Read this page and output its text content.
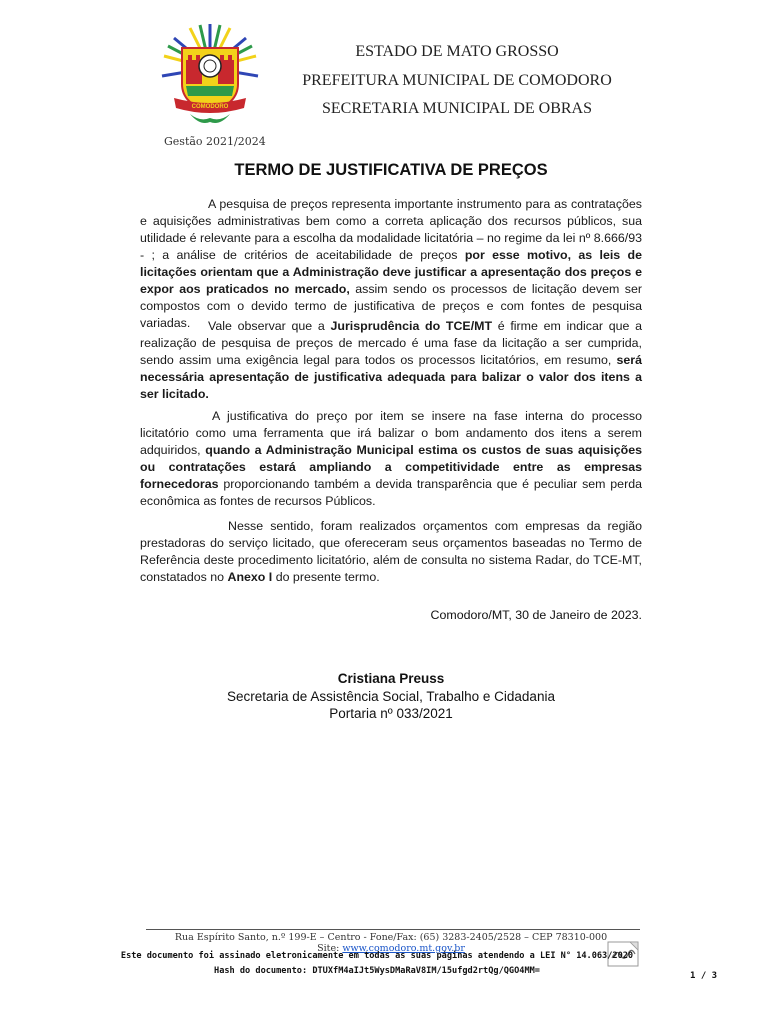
COMODORO
ESTADO DE MATO GROSSO
PREFEITURA MUNICIPAL DE COMODORO
SECRETARIA MUNICIPAL DE OBRAS
Gestão 2021/2024
TERMO DE JUSTIFICATIVA DE PREÇOS
A pesquisa de preços representa importante instrumento para as contratações e aquisições administrativas bem como a correta aplicação dos recursos públicos, sua utilidade é relevante para a escolha da modalidade licitatória – no regime da lei nº 8.666/93 - ; a análise de critérios de aceitabilidade de preços por esse motivo, as leis de licitações orientam que a Administração deve justificar a apresentação dos preços e expor aos praticados no mercado, assim sendo os processos de licitação devem ser compostos com o devido termo de justificativa de preços e com fontes de pesquisa variadas.	Vale observar que a Jurisprudência do TCE/MT é firme em indicar que a realização de pesquisa de preços de mercado é uma fase da licitação a ser cumprida, sendo assim uma exigência legal para todos os processos licitatórios, em resumo, será necessária apresentação de justificativa adequada para balizar o valor dos itens a ser licitado.
A justificativa do preço por item se insere na fase interna do processo licitatório como uma ferramenta que irá balizar o bom andamento dos itens a serem adquiridos, quando a Administração Municipal estima os custos de suas aquisições ou contratações estará ampliando a competitividade entre as empresas fornecedoras proporcionando também a devida transparência que é peculiar sem perda econômica as fontes de recursos Públicos.
Nesse sentido, foram realizados orçamentos com empresas da região prestadoras do serviço licitado, que ofereceram seus orçamentos baseadas no Termo de Referência deste procedimento licitatório, além de consulta no sistema Radar, do TCE-MT, constatados no Anexo I do presente termo.
Comodoro/MT, 30 de Janeiro de 2023.
Cristiana Preuss
Secretaria de Assistência Social, Trabalho e Cidadania
Portaria nº 033/2021
Rua Espírito Santo, n.º 199-E – Centro - Fone/Fax: (65) 3283-2405/2528 – CEP 78310-000
Site: www.comodoro.mt.gov.br
Este documento foi assinado eletronicamente em todas as suas páginas atendendo a LEI N° 14.063/2020
Hash do documento: DTUXfM4aIJt5WysDMaRaV8IM/15ufgd2rtQg/QGO4MM=	1 / 3
